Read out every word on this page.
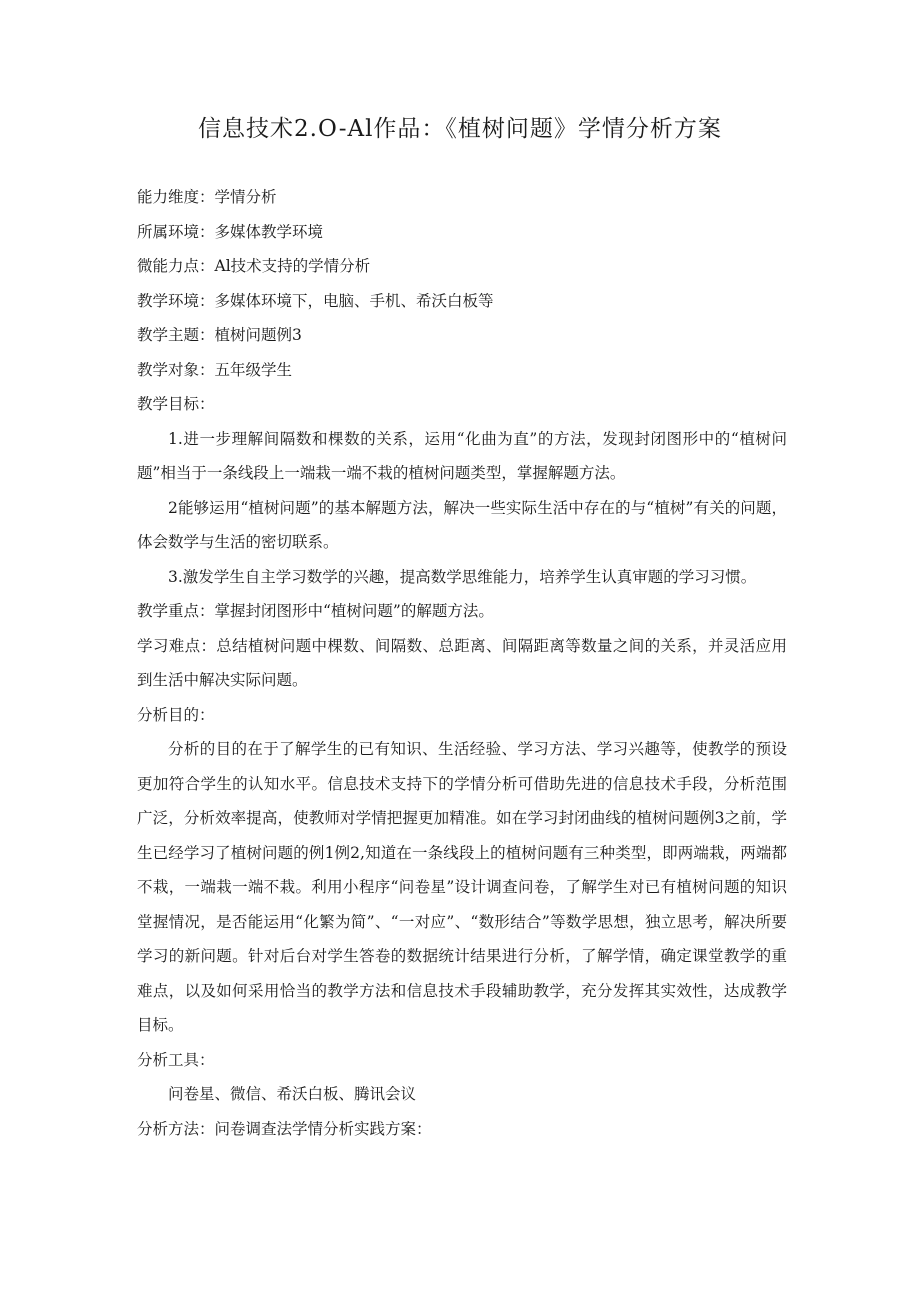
信息技术2.O-Al作品：《植树问题》学情分析方案

能力维度：学情分析

所属环境：多媒体教学环境

微能力点：Al技术支持的学情分析

教学环境：多媒体环境下，电脑、手机、希沃白板等

教学主题：植树问题例3

教学对象：五年级学生

教学目标：

1.进一步理解间隔数和棵数的关系，运用“化曲为直”的方法，发现封闭图形中的“植树问题”相当于一条线段上一端栽一端不栽的植树问题类型，掌握解题方法。

2能够运用“植树问题”的基本解题方法，解决一些实际生活中存在的与“植树”有关的问题，体会数学与生活的密切联系。

3.激发学生自主学习数学的兴趣，提高数学思维能力，培养学生认真审题的学习习惯。

教学重点：掌握封闭图形中“植树问题”的解题方法。

学习难点：总结植树问题中棵数、间隔数、总距离、间隔距离等数量之间的关系，并灵活应用到生活中解决实际问题。

分析目的：

分析的目的在于了解学生的已有知识、生活经验、学习方法、学习兴趣等，使教学的预设更加符合学生的认知水平。信息技术支持下的学情分析可借助先进的信息技术手段，分析范围广泛，分析效率提高，使教师对学情把握更加精准。如在学习封闭曲线的植树问题例3之前，学生已经学习了植树问题的例1例2,知道在一条线段上的植树问题有三种类型，即两端栽，两端都不栽，一端栽一端不栽。利用小程序“问卷星”设计调查问卷，了解学生对已有植树问题的知识堂握情况，是否能运用“化繁为简”、“一对应”、“数形结合”等数学思想，独立思考，解决所要学习的新问题。针对后台对学生答卷的数据统计结果进行分析，了解学情，确定课堂教学的重难点，以及如何采用恰当的教学方法和信息技术手段辅助教学，充分发挥其实效性，达成教学目标。

分析工具：

问卷星、微信、希沃白板、腾讯会议

分析方法：问卷调查法学情分析实践方案：
